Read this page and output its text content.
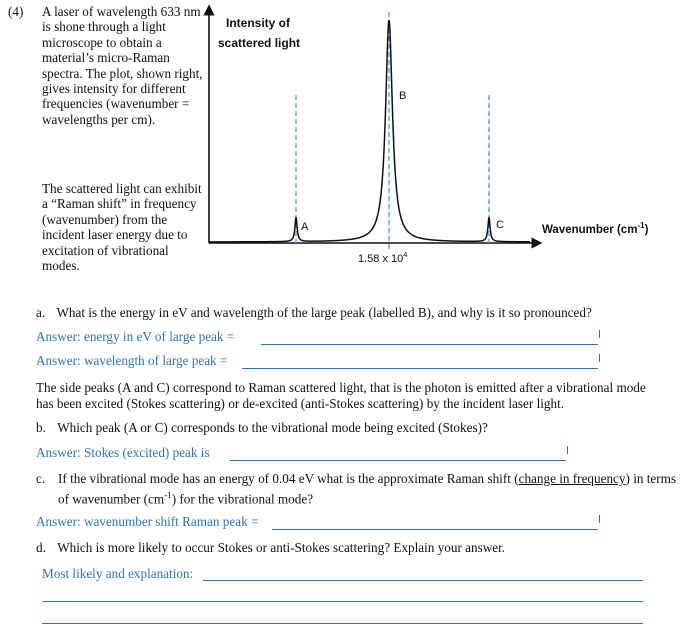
(4) A laser of wavelength 633 nm is shone through a light microscope to obtain a material’s micro-Raman spectra. The plot, shown right, gives intensity for different frequencies (wavenumber = wavelengths per cm).
The scattered light can exhibit a “Raman shift” in frequency (wavenumber) from the incident laser energy due to excitation of vibrational modes.
Intensity of
scattered light
A
B
C	Wavenumber $(cm^{-1})$
1.58 x $10^4$
a. What is the energy in eV and wavelength of the large peak (labelled B), and why is it so pronounced?
Answer: energy in eV of large peak =
Answer: wavelength of large peak =
The side peaks (A and C) correspond to Raman scattered light, that is the photon is emitted after a vibrational mode has been excited (Stokes scattering) or de-excited (anti-Stokes scattering) by the incident laser light.
b. Which peak (A or C) corresponds to the vibrational mode being excited (Stokes)?
Answer: Stokes (excited) peak is
c. If the vibrational mode has an energy of 0.04 eV what is the approximate Raman shift (change in frequency) in terms of wavenumber $(cm^{-1})$ for the vibrational mode?
Answer: wavenumber shift Raman peak =
d. Which is more likely to occur Stokes or anti-Stokes scattering? Explain your answer.
Most likely and explanation:
